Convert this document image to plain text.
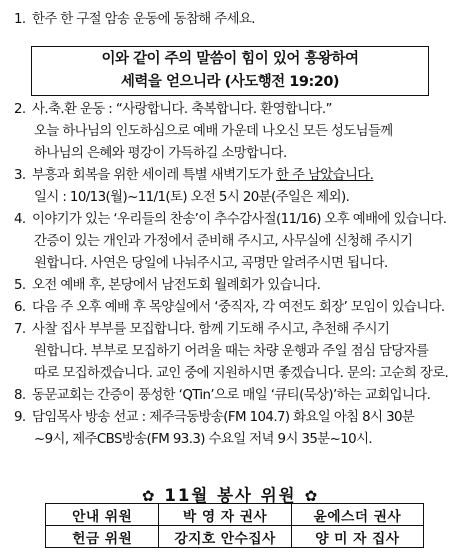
1. 한주 한 구절 암송 운동에 동참해 주세요.
이와 같이 주의 말씀이 힘이 있어 흥왕하여
세력을 얻으니라 (사도행전 19:20)
2. 사.축.환 운동 : “사랑합니다. 축복합니다. 환영합니다.”
오늘 하나님의 인도하심으로 예배 가운데 나오신 모든 성도님들께
하나님의 은혜와 평강이 가득하길 소망합니다.
3. 부흥과 회복을 위한 세이레 특별 새벽기도가 한 주 남았습니다.
일시 : 10/13(월)~11/1(토) 오전 5시 20분(주일은 제외).
4. 이야기가 있는 ‘우리들의 찬송’이 추수감사절(11/16) 오후 예배에 있습니다.
간증이 있는 개인과 가정에서 준비해 주시고, 사무실에 신청해 주시기
원합니다. 사연은 당일에 나눠주시고, 곡명만 알려주시면 됩니다.
5. 오전 예배 후, 본당에서 남전도회 월례회가 있습니다.
6. 다음 주 오후 예배 후 목양실에서 ‘중직자, 각 여전도 회장’ 모임이 있습니다.
7. 사찰 집사 부부를 모집합니다. 함께 기도해 주시고, 추천해 주시기
원합니다. 부부로 모집하기 어려울 때는 차량 운행과 주일 점심 담당자를
따로 모집하겠습니다. 교인 중에 지원하시면 좋겠습니다. 문의: 고순희 장로.
8. 동문교회는 간증이 풍성한 ‘QTin’으로 매일 ‘큐티(묵상)’하는 교회입니다.
9. 담임목사 방송 선교 : 제주극동방송(FM 104.7) 화요일 아침 8시 30분
~9시, 제주CBS방송(FM 93.3) 수요일 저녁 9시 35분~10시.
✿ 11월 봉사 위원 ✿
안내 위원	박 영 자 권사	윤에스더 권사
헌금 위원	강지호 안수집사	양 미 자 집사
